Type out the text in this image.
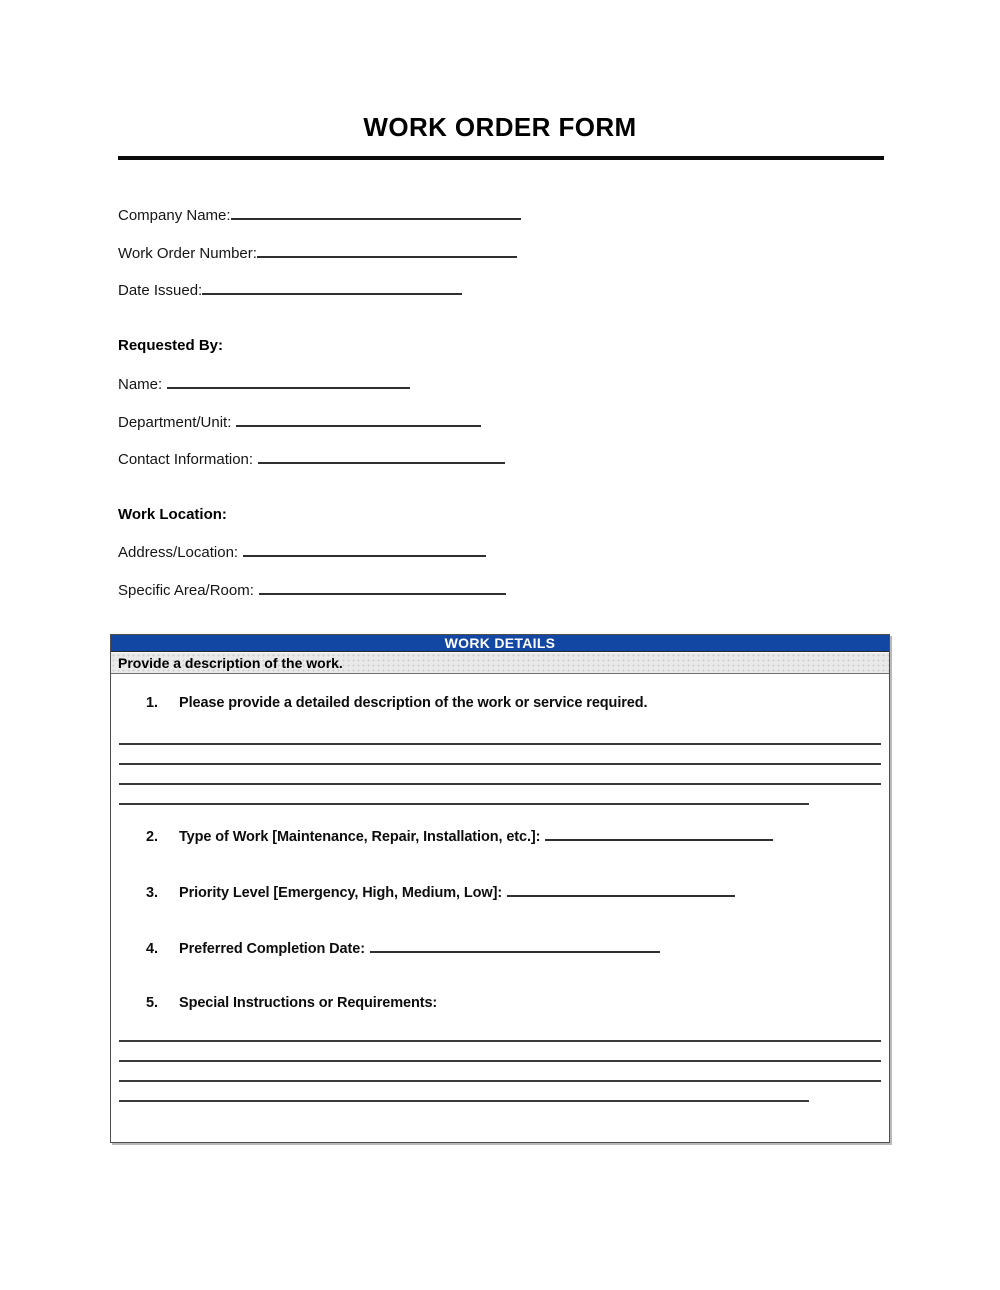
WORK ORDER FORM
Company Name:
Work Order Number:
Date Issued:
Requested By:
Name:
Department/Unit:
Contact Information:
Work Location:
Address/Location:
Specific Area/Room:
WORK DETAILS
Provide a description of the work.
1.	Please provide a detailed description of the work or service required.
2.	Type of Work [Maintenance, Repair, Installation, etc.]:
3.	Priority Level [Emergency, High, Medium, Low]:
4.	Preferred Completion Date:
5.	Special Instructions or Requirements:
